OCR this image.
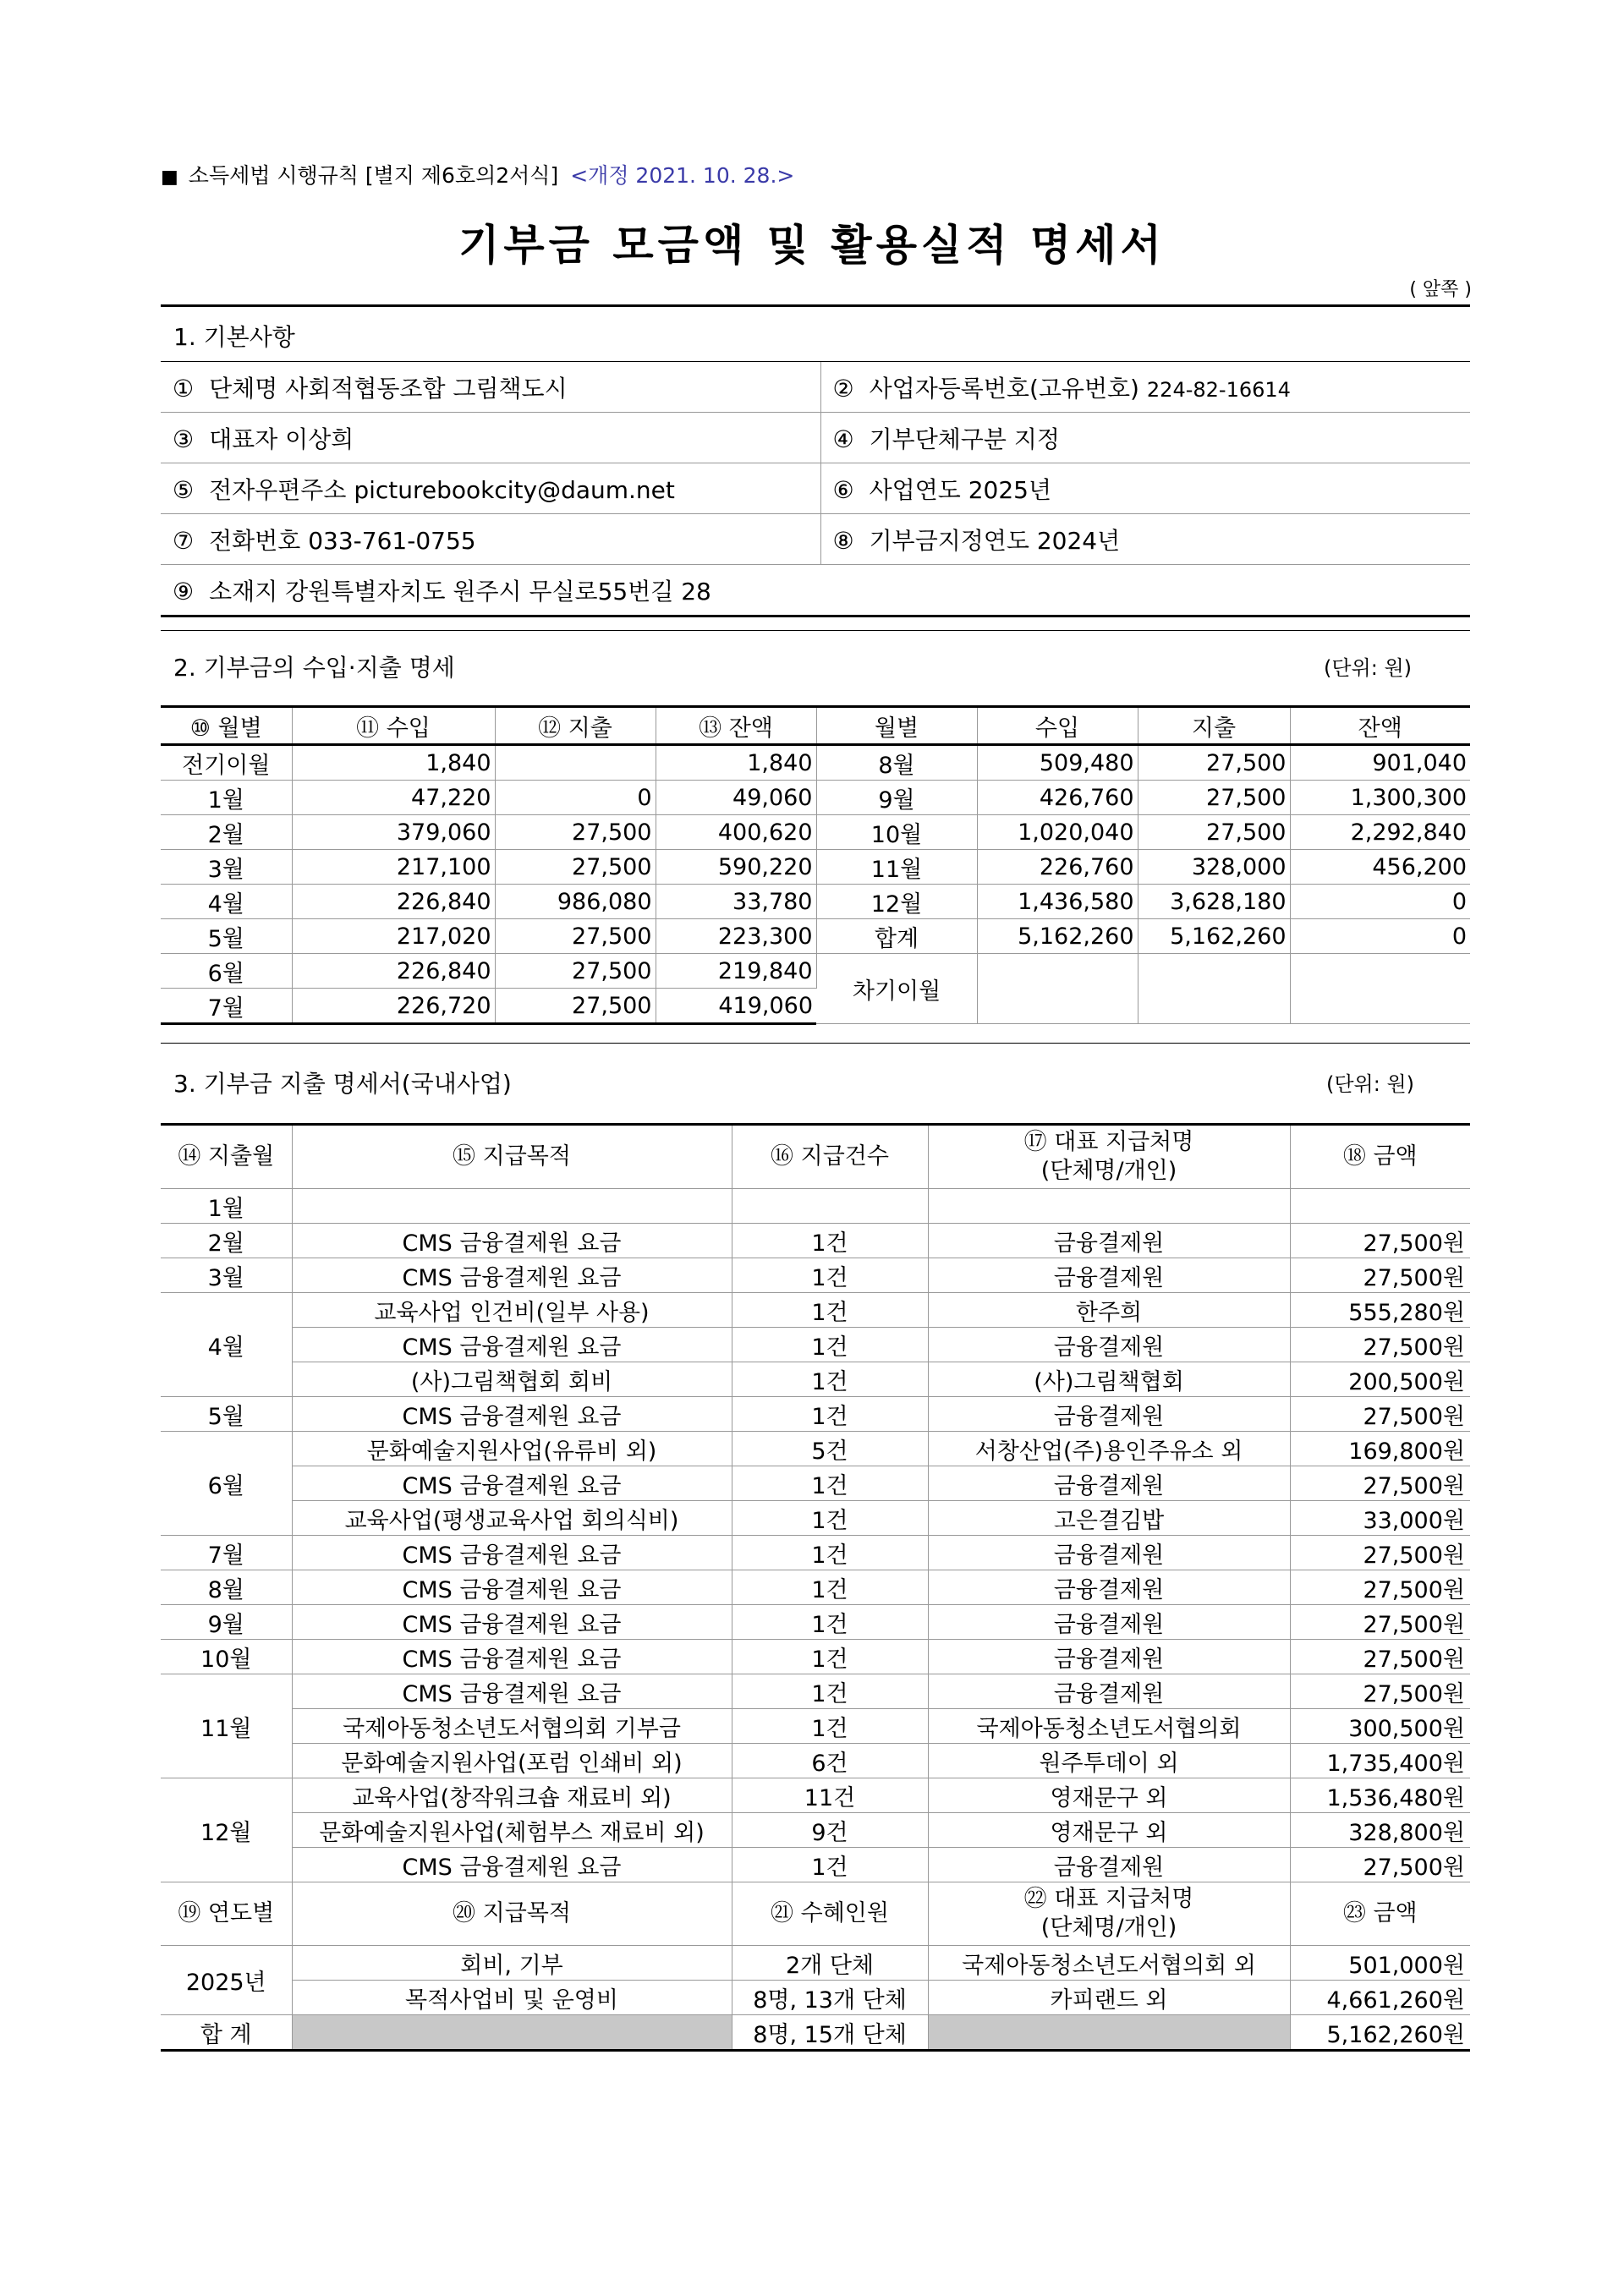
■ 소득세법 시행규칙 [별지 제6호의2서식] <개정 2021. 10. 28.>
기부금 모금액 및 활용실적 명세서
( 앞쪽 )
1. 기본사항
① 단체명 사회적협동조합 그림책도시	② 사업자등록번호(고유번호) 224-82-16614
③ 대표자 이상희	④ 기부단체구분 지정
⑤ 전자우편주소 picturebookcity@daum.net	⑥ 사업연도 2025년
⑦ 전화번호 033-761-0755	⑧ 기부금지정연도 2024년
⑨ 소재지 강원특별자치도 원주시 무실로55번길 28	
2. 기부금의 수입·지출 명세	(단위: 원)
⑩ 월별	⑪ 수입	⑫ 지출	⑬ 잔액	월별	수입	지출	잔액
전기이월	1,840		1,840	8월	509,480	27,500	901,040
1월	47,220	0	49,060	9월	426,760	27,500	1,300,300
2월	379,060	27,500	400,620	10월	1,020,040	27,500	2,292,840
3월	217,100	27,500	590,220	11월	226,760	328,000	456,200
4월	226,840	986,080	33,780	12월	1,436,580	3,628,180	0
5월	217,020	27,500	223,300	합계	5,162,260	5,162,260	0
6월	226,840	27,500	219,840	차기이월			
7월	226,720	27,500	419,060				
3. 기부금 지출 명세서(국내사업)	(단위: 원)
⑭ 지출월	⑮ 지급목적	⑯ 지급건수	⑰ 대표 지급처명
(단체명/개인)	⑱ 금액
1월				
2월	CMS 금융결제원 요금	1건	금융결제원	27,500원
3월	CMS 금융결제원 요금	1건	금융결제원	27,500원
4월	교육사업 인건비(일부 사용)	1건	한주희	555,280원
	CMS 금융결제원 요금	1건	금융결제원	27,500원
	(사)그림책협회 회비	1건	(사)그림책협회	200,500원
5월	CMS 금융결제원 요금	1건	금융결제원	27,500원
6월	문화예술지원사업(유류비 외)	5건	서창산업(주)용인주유소 외	169,800원
	CMS 금융결제원 요금	1건	금융결제원	27,500원
	교육사업(평생교육사업 회의식비)	1건	고은결김밥	33,000원
7월	CMS 금융결제원 요금	1건	금융결제원	27,500원
8월	CMS 금융결제원 요금	1건	금융결제원	27,500원
9월	CMS 금융결제원 요금	1건	금융결제원	27,500원
10월	CMS 금융결제원 요금	1건	금융결제원	27,500원
11월	CMS 금융결제원 요금	1건	금융결제원	27,500원
	국제아동청소년도서협의회 기부금	1건	국제아동청소년도서협의회	300,500원
	문화예술지원사업(포럼 인쇄비 외)	6건	원주투데이 외	1,735,400원
12월	교육사업(창작워크숍 재료비 외)	11건	영재문구 외	1,536,480원
	문화예술지원사업(체험부스 재료비 외)	9건	영재문구 외	328,800원
	CMS 금융결제원 요금	1건	금융결제원	27,500원
⑲ 연도별	⑳ 지급목적	㉑ 수혜인원	㉒ 대표 지급처명
(단체명/개인)	㉓ 금액
2025년	회비, 기부	2개 단체	국제아동청소년도서협의회 외	501,000원
	목적사업비 및 운영비	8명, 13개 단체	카피랜드 외	4,661,260원
합 계		8명, 15개 단체		5,162,260원
